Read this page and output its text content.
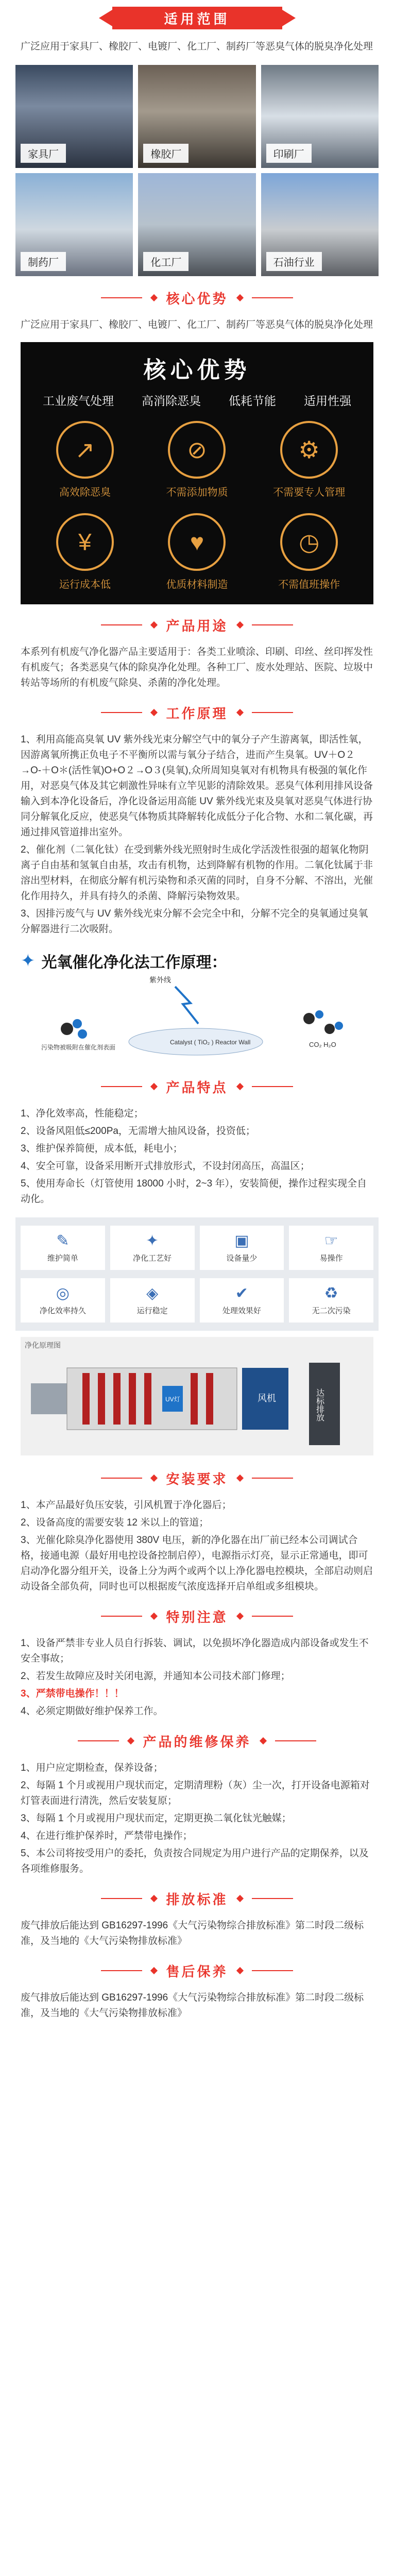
适用范围

广泛应用于家具厂、橡胶厂、电镀厂、化工厂、制药厂等恶臭气体的脱臭净化处理

家具厂	橡胶厂	印刷厂
制药厂	化工厂	石油行业
核心优势

广泛应用于家具厂、橡胶厂、电镀厂、化工厂、制药厂等恶臭气体的脱臭净化处理

核心优势
工业废气处理 高消除恶臭 低耗节能 适用性强
↗
高效除恶臭
⊘
不需添加物质
⚙
不需要专人管理
¥
运行成本低
♥
优质材料制造
◷
不需值班操作
产品用途

本系列有机废气净化器产品主要适用于：各类工业喷涂、印刷、印丝、丝印挥发性有机废气；各类恶臭气体的除臭净化处理。各种工厂、废水处理站、医院、垃圾中转站等场所的有机废气除臭、杀菌的净化处理。

工作原理

1、利用高能高臭氧 UV 紫外线光束分解空气中的氧分子产生游离氧，即活性氧，因游离氧所携正负电子不平衡所以需与氧分子结合，进而产生臭氧。UV＋O２→O-＋O＊(活性氧)O+O２→O３(臭氧),众所周知臭氧对有机物具有极强的氧化作用，对恶臭气体及其它刺激性异味有立竿见影的清除效果。恶臭气体利用排风设备输入到本净化设备后，净化设备运用高能 UV 紫外线光束及臭氧对恶臭气体进行协同分解氧化反应，使恶臭气体物质其降解转化成低分子化合物、水和二氧化碳，再通过排风管道排出室外。

2、催化剂（二氧化钛）在受到紫外线光照射时生成化学活泼性很强的超氧化物阴离子自由基和氢氧自由基，攻击有机物，达到降解有机物的作用。二氧化钛属于非溶出型材料，在彻底分解有机污染物和杀灭菌的同时，自身不分解、不溶出，光催化作用持久，并具有持久的杀菌、降解污染物效果。

3、因排污废气与 UV 紫外线光束分解不会完全中和，分解不完全的臭氧通过臭氧分解器进行二次吸附。

✦ 光氧催化净化法工作原理：
紫外线
Catalyst ( TiO₂ ) Reactor Wall
污染物被吸附在催化剂表面	CO₂ H₂O
产品特点

1、净化效率高，性能稳定；

2、设备风阻低≤200Pa，无需增大抽风设备，投资低；

3、维护保养简便，成本低，耗电小；

4、安全可靠，设备采用断开式排放形式，不设封闭高压，高温区；

5、使用寿命长（灯管使用 18000 小时，2~3 年），安装简便，操作过程实现全自动化。

✎
维护简单
✦
净化工艺好
▣
设备量少
☞
易操作
◎
净化效率持久
◈
运行稳定
✔
处理效果好
♻
无二次污染
净化原理图
UV灯	风机	达标排放
安装要求

1、本产品最好负压安装，引风机置于净化器后；

2、设备高度的需要安装 12 米以上的管道；

3、光催化除臭净化器使用 380V 电压，新的净化器在出厂前已经本公司调试合格，接通电源（最好用电控设备控制启停），电源指示灯亮，显示正常通电，即可启动净化器分组开关，设备上分为两个或两个以上净化器电控模块，全部启动则启动设备全部负荷，同时也可以根据废气浓度选择开启单组或多组模块。

特别注意

1、设备严禁非专业人员自行拆装、调试，以免损坏净化器造成内部设备或发生不安全事故；

2、若发生故障应及时关闭电源，并通知本公司技术部门修理；

3、严禁带电操作！！！

4、必须定期做好维护保养工作。

产品的维修保养

1、用户应定期检查，保养设备；

2、每隔 1 个月或视用户现状而定，定期清理粉（灰）尘一次，打开设备电源箱对灯管表面进行清洗，然后安装复原；

3、每隔 1 个月或视用户现状而定，定期更换二氧化钛光触媒；

4、在进行维护保养时，严禁带电操作；

5、本公司将按受用户的委托，负责按合同规定为用户进行产品的定期保养，以及各项维修服务。

排放标准

废气排放后能达到 GB16297-1996《大气污染物综合排放标准》第二时段二级标准，及当地的《大气污染物排放标准》

售后保养

废气排放后能达到 GB16297-1996《大气污染物综合排放标准》第二时段二级标准，及当地的《大气污染物排放标准》
